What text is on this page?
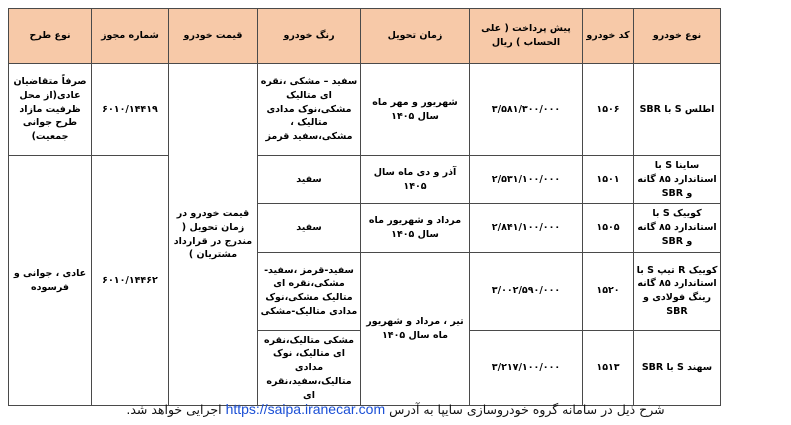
نوع خودرو	کد خودرو	پیش پرداخت ( علی الحساب ) ریال	زمان تحویل	رنگ خودرو	قیمت خودرو	شماره مجوز	نوع طرح
اطلس S با SBR	۱۵۰۶	۳/۵۸۱/۳۰۰/۰۰۰	شهریور و مهر ماه سال ۱۴۰۵	سفید – مشکی ،نقره ای متالیک مشکی،نوک مدادی متالیک ، مشکی،سفید قرمز	قیمت خودرو در زمان تحویل ( مندرج در قرارداد مشتریان )	۶۰۱۰/۱۴۴۱۹	صرفاً متقاضیان عادی(از محل ظرفیت مازاد طرح جوانی جمعیت)
ساینا S با استاندارد ۸۵ گانه و SBR	۱۵۰۱	۲/۵۳۱/۱۰۰/۰۰۰	آذر و دی ماه سال ۱۴۰۵	سفید		۶۰۱۰/۱۴۴۶۲	عادی ، جوانی و فرسوده
کوییک S با استاندارد ۸۵ گانه و SBR	۱۵۰۵	۲/۸۴۱/۱۰۰/۰۰۰	مرداد و شهریور ماه سال ۱۴۰۵	سفید			
کوییک R تیپ S با استاندارد ۸۵ گانه رینگ فولادی و SBR	۱۵۲۰	۳/۰۰۲/۵۹۰/۰۰۰	تیر ، مرداد و شهریور ماه سال ۱۴۰۵	سفید-قرمز ،سفید- مشکی،نقره ای متالیک مشکی،نوک مدادی متالیک-مشکی			
سهند S با SBR	۱۵۱۳	۳/۲۱۷/۱۰۰/۰۰۰		مشکی متالیک،نقره ای متالیک، نوک مدادی متالیک،سفید،نقره ای			
شرح ذیل در سامانه گروه خودروسازی سایپا به آدرس https://saipa.iranecar.com اجرایی خواهد شد.
